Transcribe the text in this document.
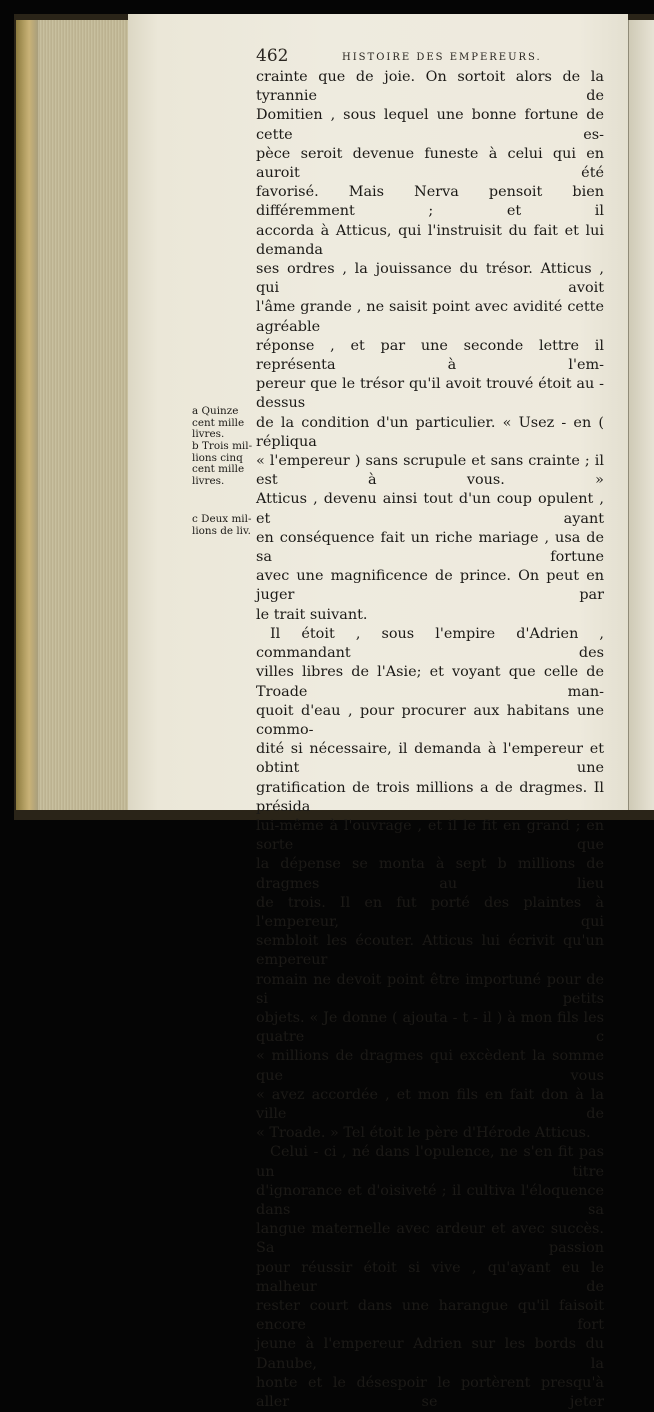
462	HISTOIRE DES EMPEREURS.

crainte que de joie. On sortoit alors de la tyrannie de

Domitien , sous lequel une bonne fortune de cette es-

pèce seroit devenue funeste à celui qui en auroit été

favorisé. Mais Nerva pensoit bien différemment ; et il

accorda à Atticus, qui l'instruisit du fait et lui demanda

ses ordres , la jouissance du trésor. Atticus , qui avoit

l'âme grande , ne saisit point avec avidité cette agréable

réponse , et par une seconde lettre il représenta à l'em-

pereur que le trésor qu'il avoit trouvé étoit au - dessus

de la condition d'un particulier. « Usez - en ( répliqua

« l'empereur ) sans scrupule et sans crainte ; il est à vous. »

Atticus , devenu ainsi tout d'un coup opulent , et ayant

en conséquence fait un riche mariage , usa de sa fortune

avec une magnificence de prince. On peut en juger par

le trait suivant.

Il étoit , sous l'empire d'Adrien , commandant des

villes libres de l'Asie; et voyant que celle de Troade man-

quoit d'eau , pour procurer aux habitans une commo-

dité si nécessaire, il demanda à l'empereur et obtint une

gratification de trois millions a de dragmes. Il présida

lui-même à l'ouvrage , et il le fit en grand ; en sorte que

la dépense se monta à sept b millions de dragmes au lieu

de trois. Il en fut porté des plaintes à l'empereur, qui

sembloit les écouter. Atticus lui écrivit qu'un empereur

romain ne devoit point être importuné pour de si petits

objets. « Je donne ( ajouta - t - il ) à mon fils les quatre c

« millions de dragmes qui excèdent la somme que vous

« avez accordée , et mon fils en fait don à la ville de

« Troade. » Tel étoit le père d'Hérode Atticus.

Celui - ci , né dans l'opulence, ne s'en fit pas un titre

d'ignorance et d'oisiveté ; il cultiva l'éloquence dans sa

langue maternelle avec ardeur et avec succès. Sa passion

pour réussir étoit si vive , qu'ayant eu le malheur de

rester court dans une harangue qu'il faisoit encore fort

jeune à l'empereur Adrien sur les bords du Danube, la

honte et le désespoir le portèrent presqu'à aller se jeter

a Quinze
cent mille
livres.
b Trois mil-
lions cinq
cent mille
livres.
c Deux mil-
lions de liv.
